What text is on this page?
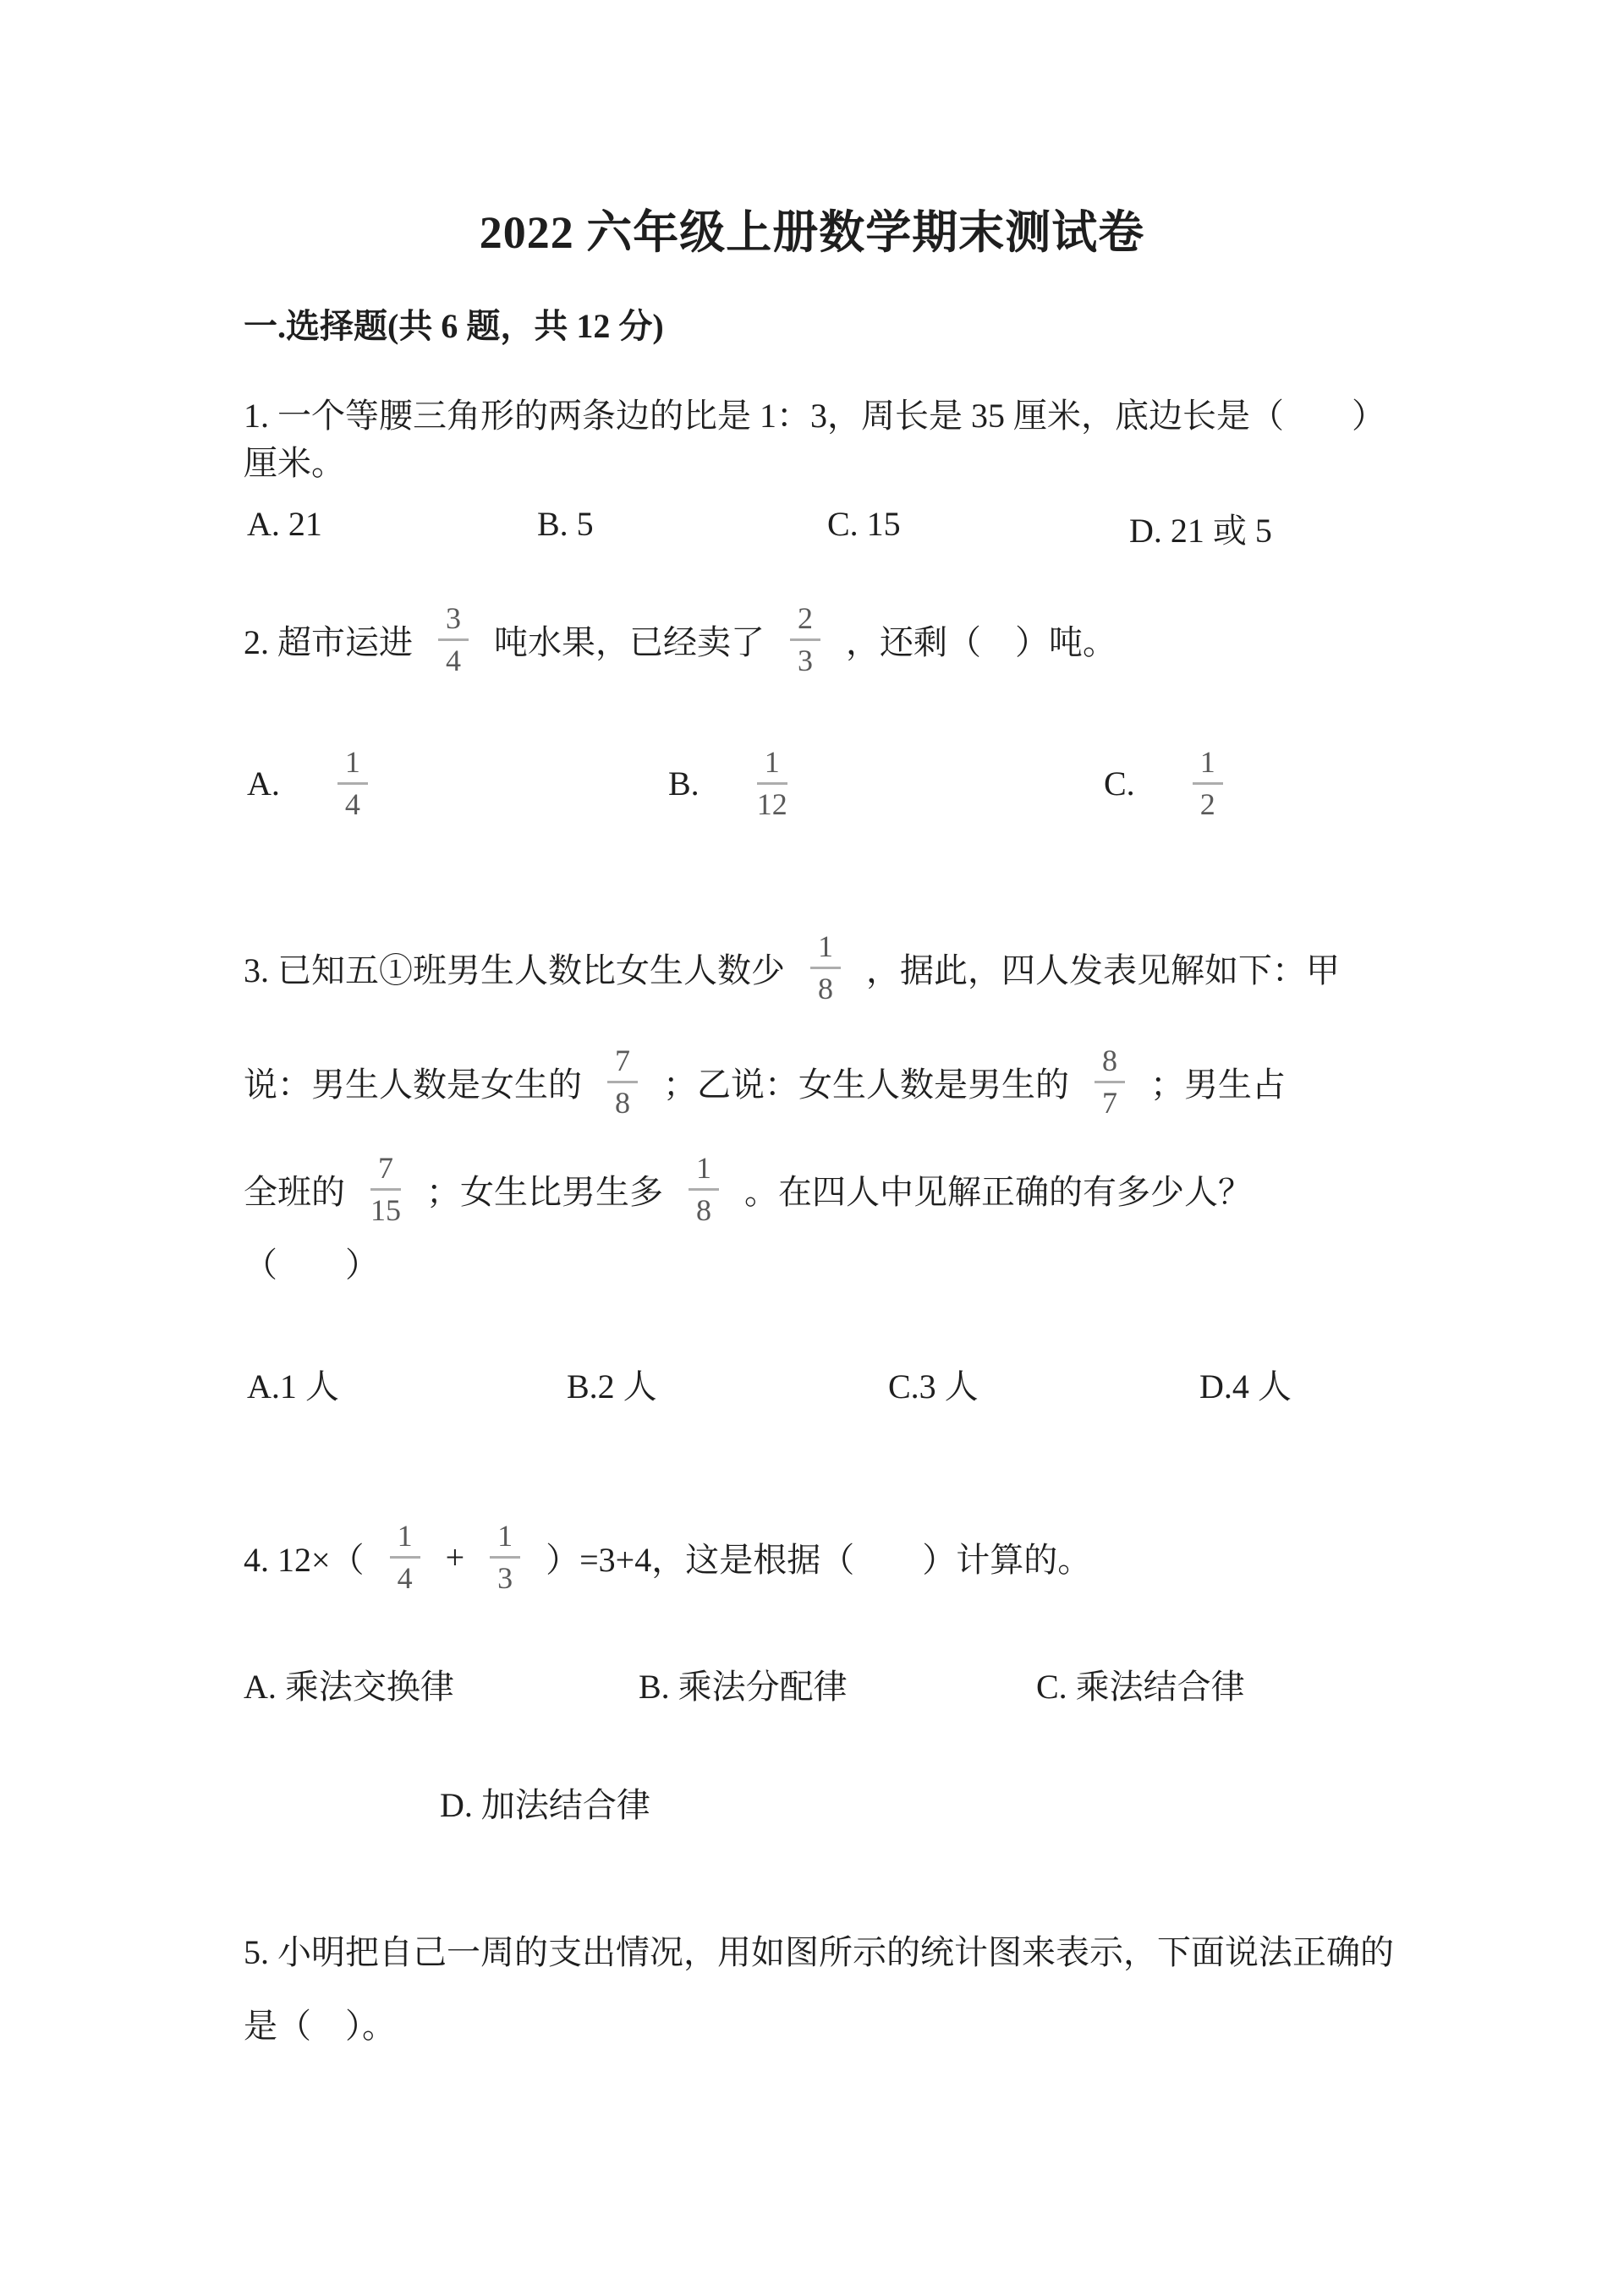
2022 六年级上册数学期末测试卷
一.选择题(共 6 题，共 12 分)
1. 一个等腰三角形的两条边的比是 1：3，周长是 35 厘米，底边长是（　　）
厘米。
A. 21	B. 5	C. 15	D. 21 或 5
2. 超市运进 $\frac{3}{4}$ 吨水果，已经卖了 $\frac{2}{3}$ ，还剩（　）吨。
A. $\frac{1}{4}$	B. $\frac{1}{12}$	C. $\frac{1}{2}$
3. 已知五①班男生人数比女生人数少 $\frac{1}{8}$ ，据此，四人发表见解如下：甲
说：男生人数是女生的 $\frac{7}{8}$ ；乙说：女生人数是男生的 $\frac{8}{7}$ ；男生占
全班的 $\frac{7}{15}$ ；女生比男生多 $\frac{1}{8}$ 。在四人中见解正确的有多少人？
（　　）
A.1 人	B.2 人	C.3 人	D.4 人
4. $12\times( \frac{1}{4} + \frac{1}{3} )=3+4$，这是根据（　　）计算的。
A. 乘法交换律	B. 乘法分配律	C. 乘法结合律
D. 加法结合律
5. 小明把自己一周的支出情况，用如图所示的统计图来表示，下面说法正确的
是（　）。
